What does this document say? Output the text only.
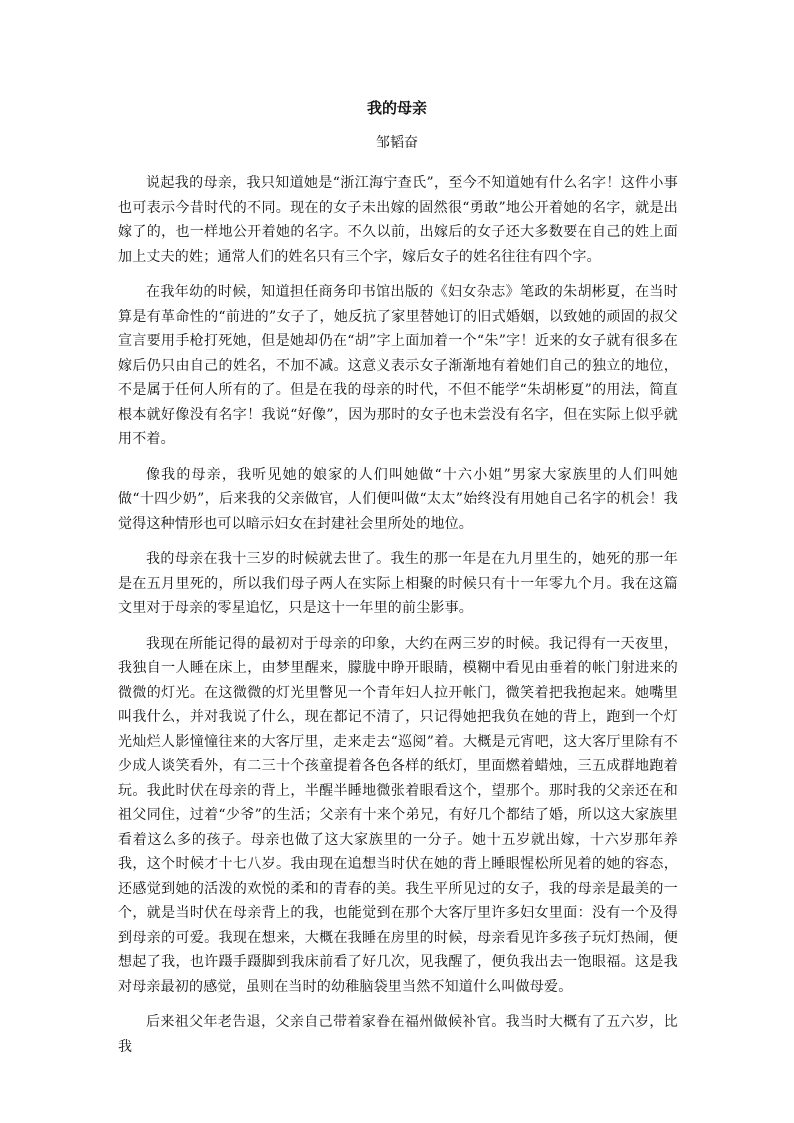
我的母亲
邹韬奋

说起我的母亲，我只知道她是“浙江海宁查氏”，至今不知道她有什么名字！这件小事也可表示今昔时代的不同。现在的女子未出嫁的固然很“勇敢”地公开着她的名字，就是出嫁了的，也一样地公开着她的名字。不久以前，出嫁后的女子还大多数要在自己的姓上面加上丈夫的姓；通常人们的姓名只有三个字，嫁后女子的姓名往往有四个字。

在我年幼的时候，知道担任商务印书馆出版的《妇女杂志》笔政的朱胡彬夏，在当时算是有革命性的“前进的”女子了，她反抗了家里替她订的旧式婚姻，以致她的顽固的叔父宣言要用手枪打死她，但是她却仍在“胡”字上面加着一个“朱”字！近来的女子就有很多在嫁后仍只由自己的姓名，不加不减。这意义表示女子渐渐地有着她们自己的独立的地位，不是属于任何人所有的了。但是在我的母亲的时代，不但不能学“朱胡彬夏”的用法，简直根本就好像没有名字！我说“好像”，因为那时的女子也未尝没有名字，但在实际上似乎就用不着。

像我的母亲，我听见她的娘家的人们叫她做“十六小姐”男家大家族里的人们叫她做“十四少奶”，后来我的父亲做官，人们便叫做“太太”始终没有用她自己名字的机会！我觉得这种情形也可以暗示妇女在封建社会里所处的地位。

我的母亲在我十三岁的时候就去世了。我生的那一年是在九月里生的，她死的那一年是在五月里死的，所以我们母子两人在实际上相聚的时候只有十一年零九个月。我在这篇文里对于母亲的零星追忆，只是这十一年里的前尘影事。

我现在所能记得的最初对于母亲的印象，大约在两三岁的时候。我记得有一天夜里，我独自一人睡在床上，由梦里醒来，朦胧中睁开眼睛，模糊中看见由垂着的帐门射进来的微微的灯光。在这微微的灯光里瞥见一个青年妇人拉开帐门，微笑着把我抱起来。她嘴里叫我什么，并对我说了什么，现在都记不清了，只记得她把我负在她的背上，跑到一个灯光灿烂人影憧憧往来的大客厅里，走来走去“巡阅”着。大概是元宵吧，这大客厅里除有不少成人谈笑看外，有二三十个孩童提着各色各样的纸灯，里面燃着蜡烛，三五成群地跑着玩。我此时伏在母亲的背上，半醒半睡地微张着眼看这个，望那个。那时我的父亲还在和祖父同住，过着“少爷”的生活；父亲有十来个弟兄，有好几个都结了婚，所以这大家族里看着这么多的孩子。母亲也做了这大家族里的一分子。她十五岁就出嫁，十六岁那年养我，这个时候才十七八岁。我由现在追想当时伏在她的背上睡眼惺松所见着的她的容态，还感觉到她的活泼的欢悦的柔和的青春的美。我生平所见过的女子，我的母亲是最美的一个，就是当时伏在母亲背上的我，也能觉到在那个大客厅里许多妇女里面：没有一个及得到母亲的可爱。我现在想来，大概在我睡在房里的时候，母亲看见许多孩子玩灯热闹，便想起了我，也许蹑手蹑脚到我床前看了好几次，见我醒了，便负我出去一饱眼福。这是我对母亲最初的感觉，虽则在当时的幼稚脑袋里当然不知道什么叫做母爱。

后来祖父年老告退，父亲自己带着家眷在福州做候补官。我当时大概有了五六岁，比我
